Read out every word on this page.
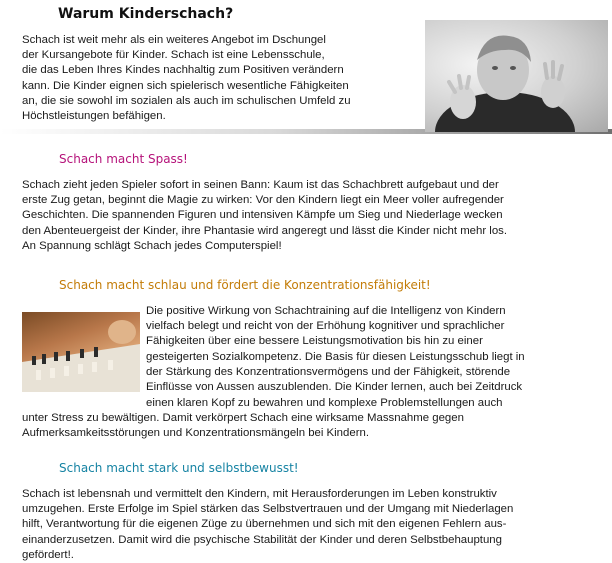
Warum Kinderschach?
Schach ist weit mehr als ein weiteres Angebot im Dschungel
der Kursangebote für Kinder. Schach ist eine Lebensschule,
die das Leben Ihres Kindes nachhaltig zum Positiven verändern
kann. Die Kinder eignen sich spielerisch wesentliche Fähigkeiten
an, die sie sowohl im sozialen als auch im schulischen Umfeld zu
Höchstleistungen befähigen.
Schach macht Spass!
Schach zieht jeden Spieler sofort in seinen Bann: Kaum ist das Schachbrett aufgebaut und der
erste Zug getan, beginnt die Magie zu wirken: Vor den Kindern liegt ein Meer voller aufregender
Geschichten. Die spannenden Figuren und intensiven Kämpfe um Sieg und Niederlage wecken
den Abenteuergeist der Kinder, ihre Phantasie wird angeregt und lässt die Kinder nicht mehr los.
An Spannung schlägt Schach jedes Computerspiel!
Schach macht schlau und fördert die Konzentrationsfähigkeit!
Die positive Wirkung von Schachtraining auf die Intelligenz von Kindern
vielfach belegt und reicht von der Erhöhung kognitiver und sprachlicher
Fähigkeiten über eine bessere Leistungsmotivation bis hin zu einer
gesteigerten Sozialkompetenz. Die Basis für diesen Leistungsschub liegt in
der Stärkung des Konzentrationsvermögens und der Fähigkeit, störende
Einflüsse von Aussen auszublenden. Die Kinder lernen, auch bei Zeitdruck
einen klaren Kopf zu bewahren und komplexe Problemstellungen auch
unter Stress zu bewältigen. Damit verkörpert Schach eine wirksame Massnahme gegen
Aufmerksamkeitsstörungen und Konzentrationsmängeln bei Kindern.
Schach macht stark und selbstbewusst!
Schach ist lebensnah und vermittelt den Kindern, mit Herausforderungen im Leben konstruktiv
umzugehen. Erste Erfolge im Spiel stärken das Selbstvertrauen und der Umgang mit Niederlagen
hilft, Verantwortung für die eigenen Züge zu übernehmen und sich mit den eigenen Fehlern aus-
einanderzusetzen. Damit wird die psychische Stabilität der Kinder und deren Selbstbehauptung
gefördert!.
